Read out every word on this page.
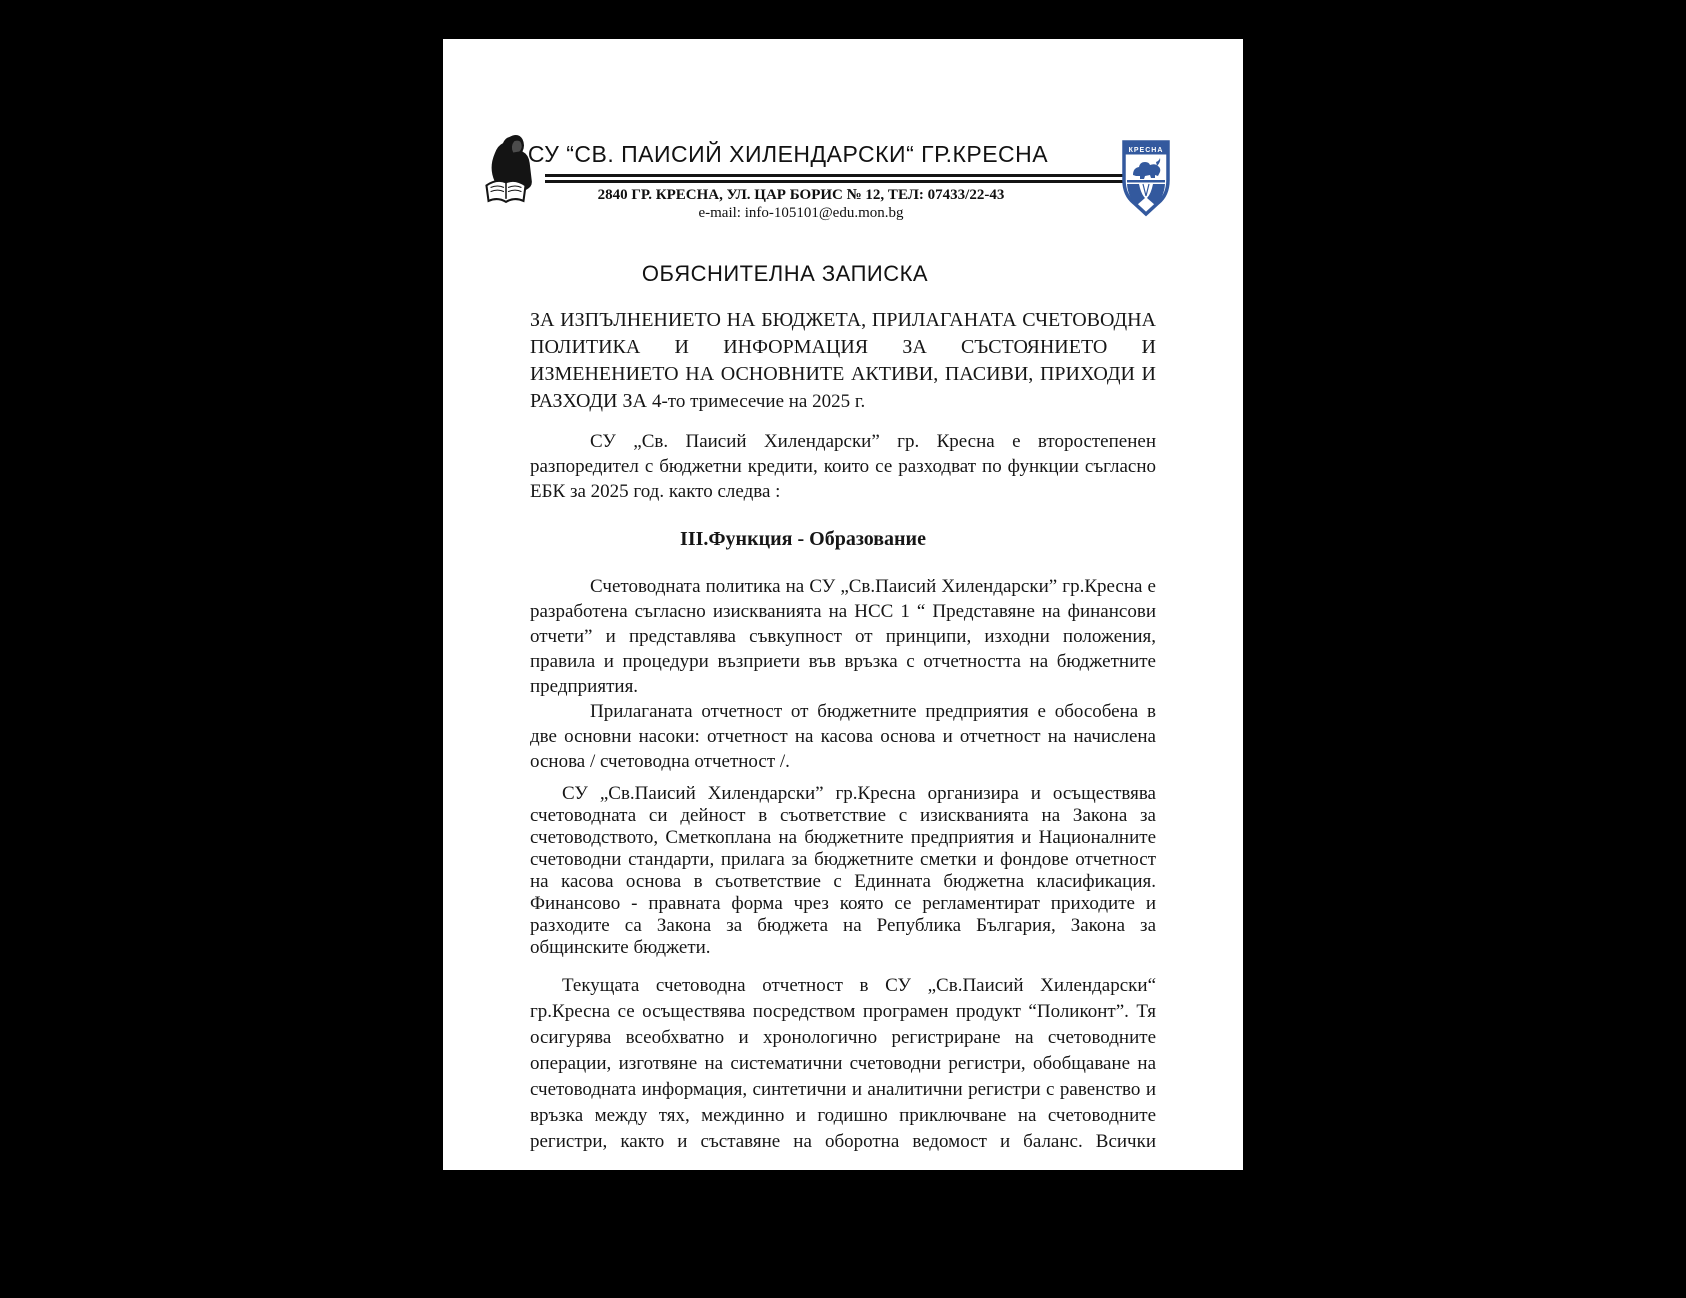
СУ “СВ. ПАИСИЙ ХИЛЕНДАРСКИ“ ГР.КРЕСНА
2840 ГР. КРЕСНА, УЛ. ЦАР БОРИС № 12, ТЕЛ: 07433/22-43
e-mail: info-105101@edu.mon.bg
КРЕСНА

ОБЯСНИТЕЛНА ЗАПИСКА

ЗА ИЗПЪЛНЕНИЕТО НА БЮДЖЕТА, ПРИЛАГАНАТА СЧЕТОВОДНА ПОЛИТИКА И ИНФОРМАЦИЯ ЗА СЪСТОЯНИЕТО И ИЗМЕНЕНИЕТО НА ОСНОВНИТЕ АКТИВИ, ПАСИВИ, ПРИХОДИ И РАЗХОДИ ЗА 4-то тримесечие на 2025 г.

СУ „Св. Паисий Хилендарски” гр. Кресна е второстепенен разпоредител с бюджетни кредити, които се разходват по функции съгласно ЕБК за 2025 год. както следва :

III.Функция - Образование

Счетоводната политика на СУ „Св.Паисий Хилендарски” гр.Кресна е разработена съгласно изискванията на НСС 1 “ Представяне на финансови отчети” и представлява съвкупност от принципи, изходни положения, правила и процедури възприети във връзка с отчетността на бюджетните предприятия.

Прилаганата отчетност от бюджетните предприятия е обособена в две основни насоки: отчетност на касова основа и отчетност на начислена основа / счетоводна отчетност /.

СУ „Св.Паисий Хилендарски” гр.Кресна организира и осъществява счетоводната си дейност в съответствие с изискванията на Закона за счетоводството, Сметкоплана на бюджетните предприятия и Националните счетоводни стандарти, прилага за бюджетните сметки и фондове отчетност на касова основа в съответствие с Единната бюджетна класификация. Финансово - правната форма чрез която се регламентират приходите и разходите са Закона за бюджета на Република България, Закона за общинските бюджети.

Текущата счетоводна отчетност в СУ „Св.Паисий Хилендарски“ гр.Кресна се осъществява посредством програмен продукт “Поликонт”. Тя осигурява всеобхватно и хронологично регистриране на счетоводните операции, изготвяне на систематични счетоводни регистри, обобщаване на счетоводната информация, синтетични и аналитични регистри с равенство и връзка между тях, междинно и годишно приключване на счетоводните регистри, както и съставяне на оборотна ведомост и баланс. Всички
